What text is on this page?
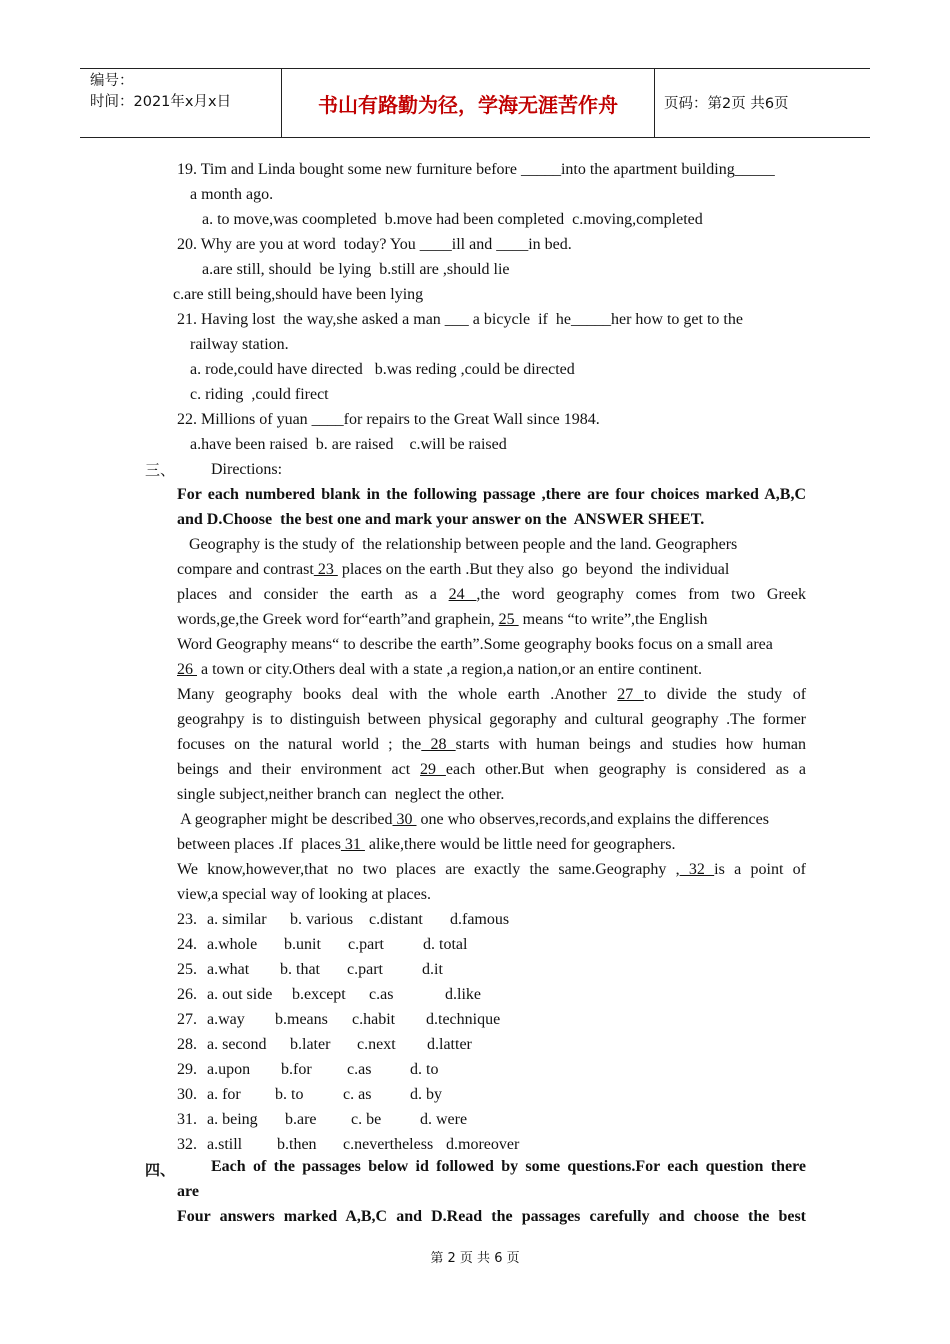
编号：
时间：2021年x月x日	书山有路勤为径，学海无涯苦作舟	页码：第2页 共6页
19. Tim and Linda bought some new furniture before _____into the apartment building_____
a month ago.
a. to move,was coompleted  b.move had been completed  c.moving,completed
20. Why are you at word  today? You ____ill and ____in bed.
a.are still, should  be lying  b.still are ,should lie
c.are still being,should have been lying
21. Having lost  the way,she asked a man ___ a bicycle  if  he_____her how to get to the
railway station.
a. rode,could have directed   b.was reding ,could be directed
c. riding  ,could firect
22. Millions of yuan ____for repairs to the Great Wall since 1984.
a.have been raised  b. are raised    c.will be raised
三、 Directions:
For each numbered blank in the following passage ,there are four choices marked A,B,C
and D.Choose  the best one and mark your answer on the  ANSWER SHEET.
Geography is the study of  the relationship between people and the land. Geographers
compare and contrast 23  places on the earth .But they also  go  beyond  the individual
places and consider the earth as a 24 ,the word geography comes from two Greek
words,ge,the Greek word for“earth”and graphein, 25  means “to write”,the English
Word Geography means“ to describe the earth”.Some geography books focus on a small area
26  a town or city.Others deal with a state ,a region,a nation,or an entire continent.
Many geography books deal with the whole earth .Another 27 to divide the study of
geograhpy is to distinguish between physical gegoraphy and cultural geography .The former
focuses on the natural world ; the 28 starts with human beings and studies how human
beings and their environment act 29 each other.But when geography is considered as a
single subject,neither branch can  neglect the other.
A geographer might be described 30  one who observes,records,and explains the differences
between places .If  places 31  alike,there would be little need for geographers.
We know,however,that no two places are exactly the same.Geography , 32 is a point of
view,a special way of looking at places.
23. a. similar b. various c.distant d.famous
24. a.whole b.unit c.part d. total
25. a.what b. that c.part d.it
26. a. out side b.except c.as	d.like
27. a.way b.means c.habit d.technique
28. a. second b.later c.next d.latter
29. a.upon b.for c.as d. to
30. a. for b. to c. as d. by
31. a. being b.are c. be d. were
32. a.still b.then c.nevertheless d.moreover
四、 Each of the passages below id followed by some questions.For each question there
are
Four answers marked A,B,C and D.Read the passages carefully and choose the best
第 2 页 共 6 页
